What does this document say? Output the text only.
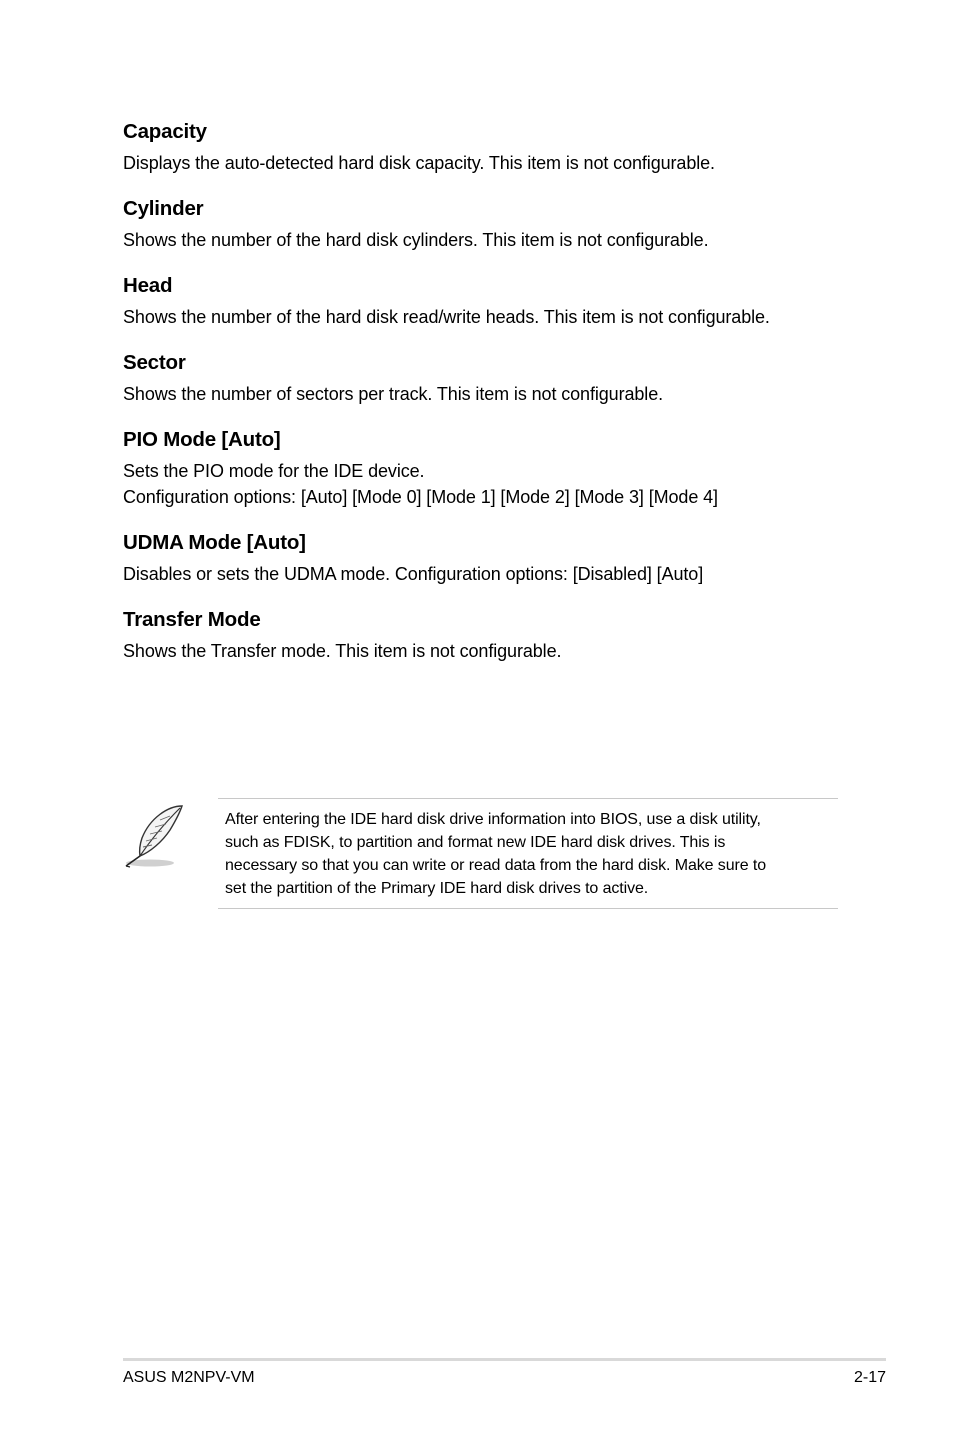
Capacity

Displays the auto-detected hard disk capacity. This item is not configurable.

Cylinder

Shows the number of the hard disk cylinders. This item is not configurable.

Head

Shows the number of the hard disk read/write heads. This item is not configurable.

Sector

Shows the number of sectors per track. This item is not configurable.

PIO Mode [Auto]

Sets the PIO mode for the IDE device.

Configuration options: [Auto] [Mode 0] [Mode 1] [Mode 2] [Mode 3] [Mode 4]

UDMA Mode [Auto]

Disables or sets the UDMA mode. Configuration options: [Disabled] [Auto]

Transfer Mode

Shows the Transfer mode. This item is not configurable.

After entering the IDE hard disk drive information into BIOS, use a disk utility,

such as FDISK, to partition and format new IDE hard disk drives. This is

necessary so that you can write or read data from the hard disk. Make sure to

set the partition of the Primary IDE hard disk drives to active.

ASUS M2NPV-VM	2-17
